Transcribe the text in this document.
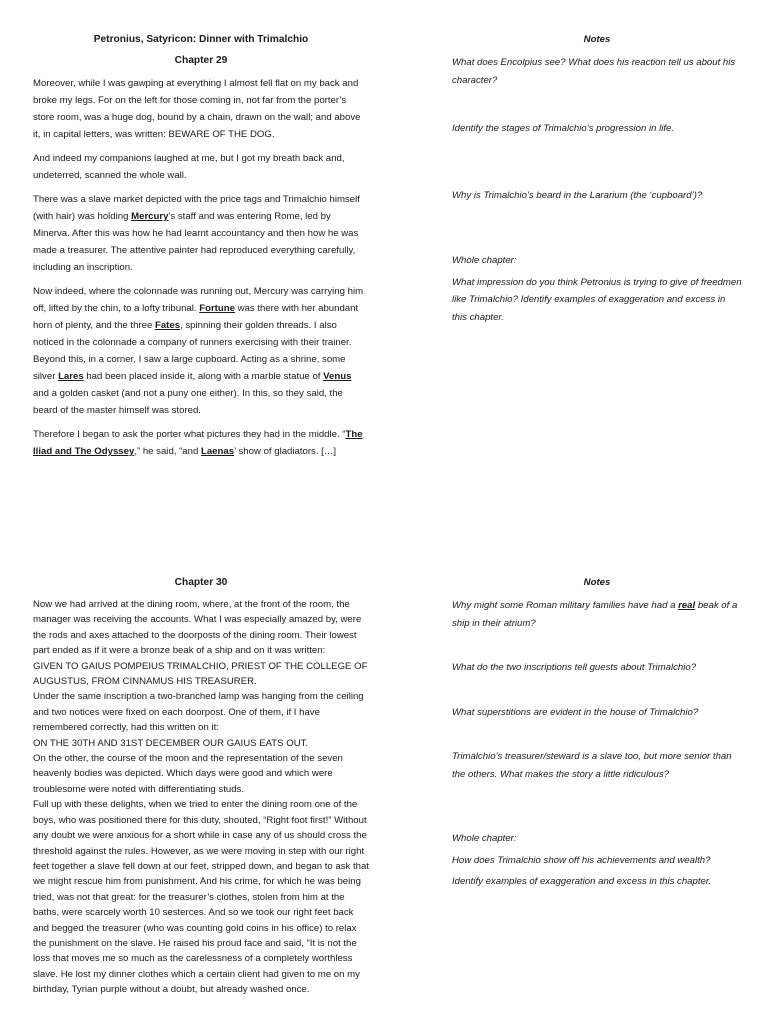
Petronius, Satyricon: Dinner with Trimalchio
Chapter 29

Moreover, while I was gawping at everything I almost fell flat on my back and broke my legs. For on the left for those coming in, not far from the porter’s store room, was a huge dog, bound by a chain, drawn on the wall; and above it, in capital letters, was written: BEWARE OF THE DOG.

And indeed my companions laughed at me, but I got my breath back and, undeterred, scanned the whole wall.

There was a slave market depicted with the price tags and Trimalchio himself (with hair) was holding Mercury’s staff and was entering Rome, led by Minerva. After this was how he had learnt accountancy and then how he was made a treasurer. The attentive painter had reproduced everything carefully, including an inscription.

Now indeed, where the colonnade was running out, Mercury was carrying him off, lifted by the chin, to a lofty tribunal. Fortune was there with her abundant horn of plenty, and the three Fates, spinning their golden threads. I also noticed in the colonnade a company of runners exercising with their trainer. Beyond this, in a corner, I saw a large cupboard. Acting as a shrine, some silver Lares had been placed inside it, along with a marble statue of Venus and a golden casket (and not a puny one either). In this, so they said, the beard of the master himself was stored.

Therefore I began to ask the porter what pictures they had in the middle. “The Iliad and The Odyssey,” he said, “and Laenas’ show of gladiators. […]

Notes

What does Encolpius see? What does his reaction tell us about his character?

Identify the stages of Trimalchio’s progression in life.

Why is Trimalchio’s beard in the Lararium (the ‘cupboard’)?

Whole chapter:

What impression do you think Petronius is trying to give of freedmen like Trimalchio? Identify examples of exaggeration and excess in this chapter.

Chapter 30

Now we had arrived at the dining room, where, at the front of the room, the manager was receiving the accounts. What I was especially amazed by, were the rods and axes attached to the doorposts of the dining room. Their lowest part ended as if it were a bronze beak of a ship and on it was written:

GIVEN TO GAIUS POMPEIUS TRIMALCHIO, PRIEST OF THE COLLEGE OF AUGUSTUS, FROM CINNAMUS HIS TREASURER.

Under the same inscription a two-branched lamp was hanging from the ceiling and two notices were fixed on each doorpost. One of them, if I have remembered correctly, had this written on it:

ON THE 30TH AND 31ST DECEMBER OUR GAIUS EATS OUT.

On the other, the course of the moon and the representation of the seven heavenly bodies was depicted. Which days were good and which were troublesome were noted with differentiating studs.

Full up with these delights, when we tried to enter the dining room one of the boys, who was positioned there for this duty, shouted, “Right foot first!” Without any doubt we were anxious for a short while in case any of us should cross the threshold against the rules. However, as we were moving in step with our right feet together a slave fell down at our feet, stripped down, and began to ask that we might rescue him from punishment. And his crime, for which he was being tried, was not that great: for the treasurer’s clothes, stolen from him at the baths, were scarcely worth 10 sesterces. And so we took our right feet back and begged the treasurer (who was counting gold coins in his office) to relax the punishment on the slave. He raised his proud face and said, “It is not the loss that moves me so much as the carelessness of a completely worthless slave. He lost my dinner clothes which a certain client had given to me on my birthday, Tyrian purple without a doubt, but already washed once.

Notes

Why might some Roman military families have had a real beak of a ship in their atrium?

What do the two inscriptions tell guests about Trimalchio?

What superstitions are evident in the house of Trimalchio?

Trimalchio’s treasurer/steward is a slave too, but more senior than the others. What makes the story a little ridiculous?

Whole chapter:

How does Trimalchio show off his achievements and wealth?

Identify examples of exaggeration and excess in this chapter.
